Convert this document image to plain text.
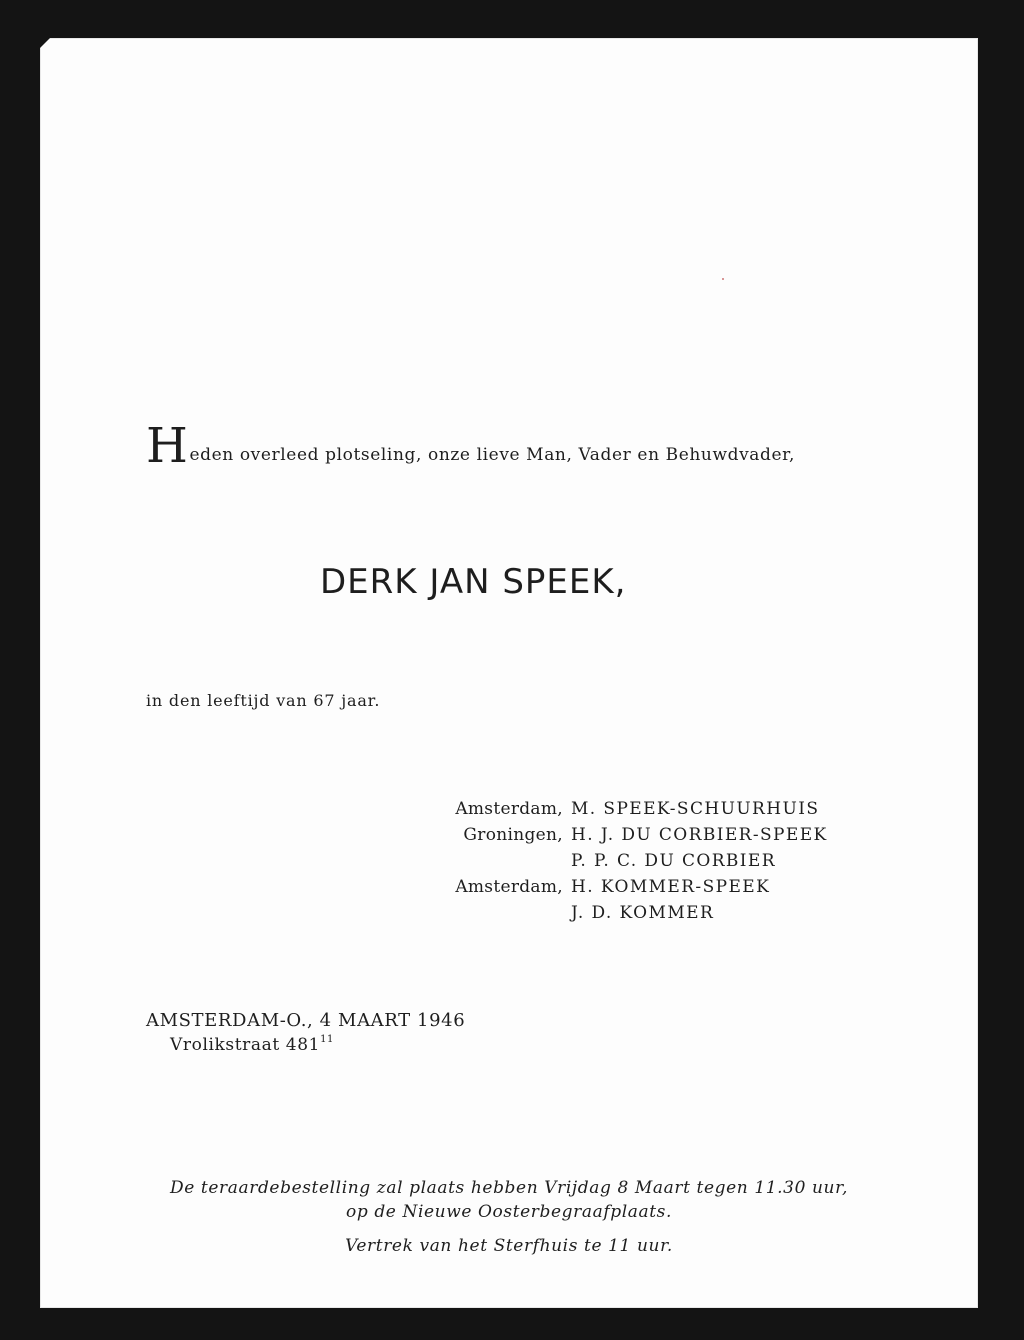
Heden overleed plotseling, onze lieve Man, Vader en Behuwdvader,
DERK JAN SPEEK,
in den leeftijd van 67 jaar.
Amsterdam, M. SPEEK-SCHUURHUIS
Groningen, H. J. DU CORBIER-SPEEK
P. P. C. DU CORBIER
Amsterdam, H. KOMMER-SPEEK
J. D. KOMMER
AMSTERDAM-O., 4 MAART 1946
Vrolikstraat $481^{11}$
De teraardebestelling zal plaats hebben Vrijdag 8 Maart tegen 11.30 uur,
op de Nieuwe Oosterbegraafplaats.
Vertrek van het Sterfhuis te 11 uur.
